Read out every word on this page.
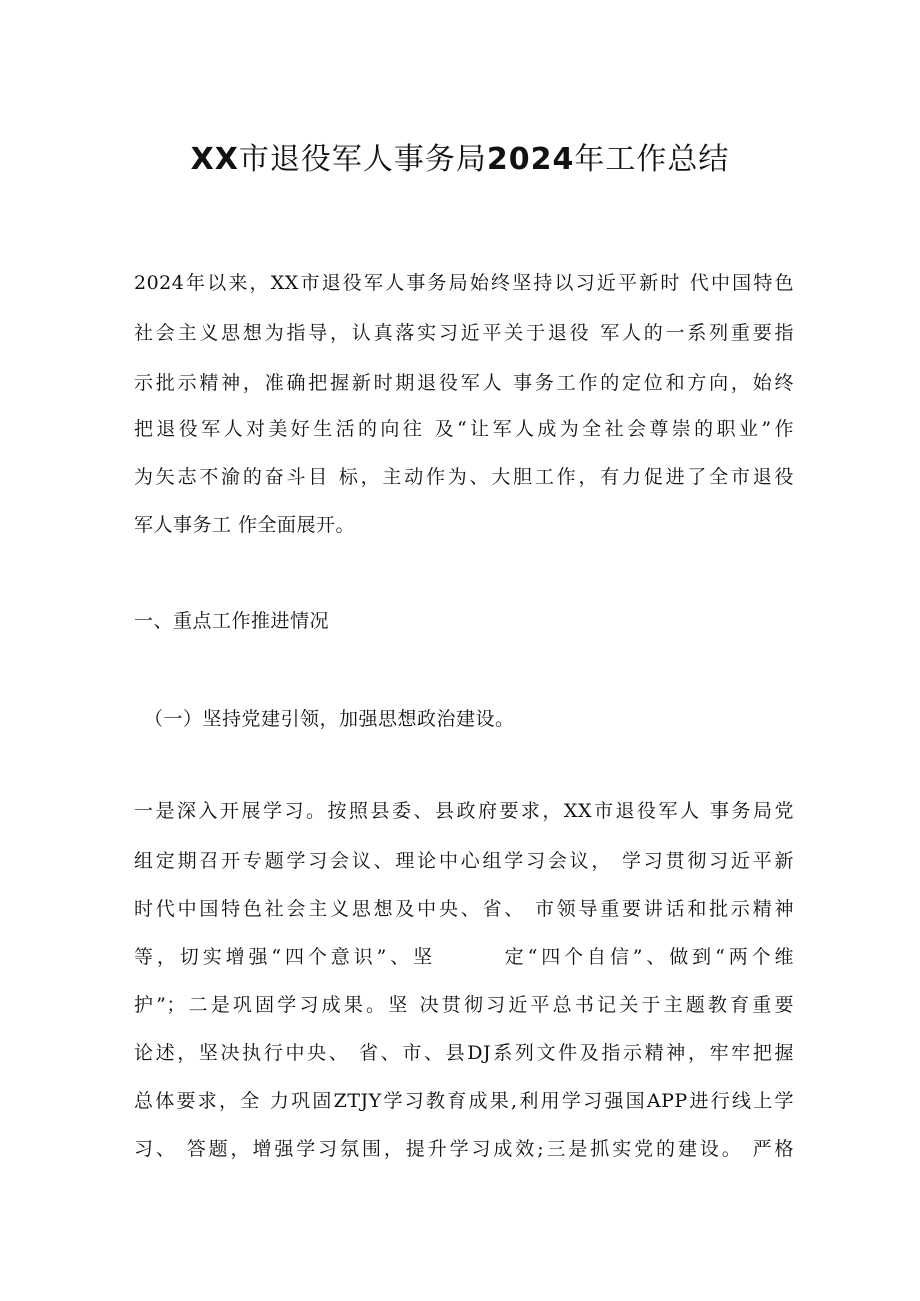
XX市退役军人事务局2024年工作总结
2024年以来，XX市退役军人事务局始终坚持以习近平新时 代中国特色
社会主义思想为指导，认真落实习近平关于退役 军人的一系列重要指
示批示精神，准确把握新时期退役军人 事务工作的定位和方向，始终
把退役军人对美好生活的向往 及“让军人成为全社会尊崇的职业”作
为矢志不渝的奋斗目 标，主动作为、大胆工作，有力促进了全市退役
军人事务工 作全面展开。
一、重点工作推进情况
（一）坚持党建引领，加强思想政治建设。
一是深入开展学习。按照县委、县政府要求，XX市退役军人 事务局党
组定期召开专题学习会议、理论中心组学习会议， 学习贯彻习近平新
时代中国特色社会主义思想及中央、省、 市领导重要讲话和批示精神
等，切实增强“四个意识”、坚　　　定“四个自信”、做到“两个维
护”；二是巩固学习成果。坚 决贯彻习近平总书记关于主题教育重要
论述，坚决执行中央、 省、市、县DJ系列文件及指示精神，牢牢把握
总体要求，全 力巩固ZTJY学习教育成果,利用学习强国APP进行线上学
习、 答题，增强学习氛围，提升学习成效;三是抓实党的建设。 严格
